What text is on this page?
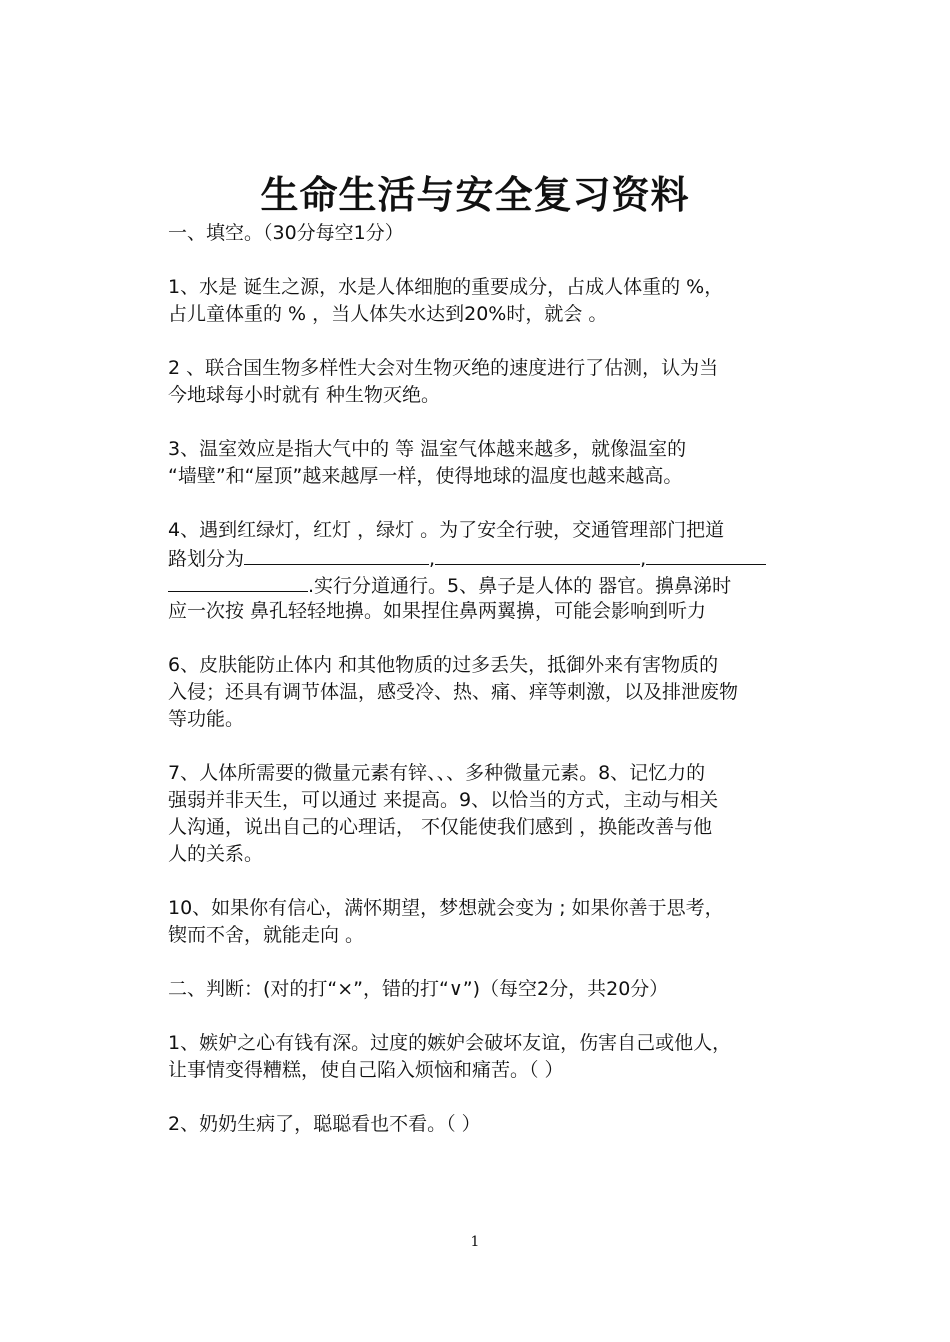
生命生活与安全复习资料

一、填空。（30分每空1分）

1、水是 诞生之源，水是人体细胞的重要成分，占成人体重的 %，
占儿童体重的 % ，当人体失水达到20%时，就会 。
2 、联合国生物多样性大会对生物灭绝的速度进行了估测，认为当
今地球每小时就有 种生物灭绝。
3、温室效应是指大气中的 等 温室气体越来越多，就像温室的
“墙壁”和“屋顶”越来越厚一样，使得地球的温度也越来越高。
4、遇到红绿灯，红灯 ，绿灯 。为了安全行驶，交通管理部门把道
路划分为	,	,
.实行分道通行。5、鼻子是人体的 器官。擤鼻涕时
应一次按 鼻孔轻轻地擤。如果捏住鼻两翼擤，可能会影响到听力
6、皮肤能防止体内 和其他物质的过多丢失，抵御外来有害物质的
入侵；还具有调节体温，感受冷、热、痛、痒等刺激，以及排泄废物
等功能。
7、人体所需要的微量元素有锌、、、多种微量元素。8、记忆力的
强弱并非天生，可以通过 来提高。9、以恰当的方式，主动与相关
人沟通，说出自己的心理话， 不仅能使我们感到 ，换能改善与他
人的关系。
10、如果你有信心，满怀期望，梦想就会变为 ; 如果你善于思考，
锲而不舍，就能走向 。

二、判断：(对的打“×”，错的打“∨”)（每空2分，共20分）

1、嫉妒之心有钱有深。过度的嫉妒会破坏友谊，伤害自己或他人，
让事情变得糟糕，使自己陷入烦恼和痛苦。（ ）
2、奶奶生病了，聪聪看也不看。（ ）
1
